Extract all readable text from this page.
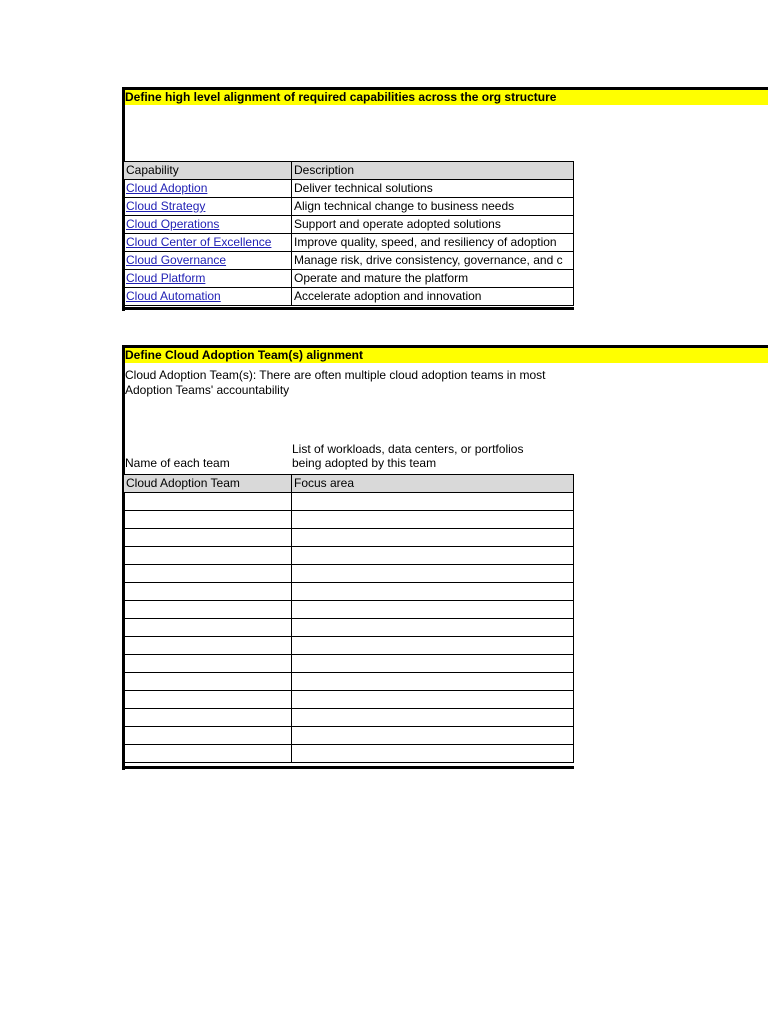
Define high level alignment of required capabilities across the org structure
Capability	Description
Cloud Adoption	Deliver technical solutions
Cloud Strategy	Align technical change to business needs
Cloud Operations	Support and operate adopted solutions
Cloud Center of Excellence	Improve quality, speed, and resiliency of adoption
Cloud Governance	Manage risk, drive consistency, governance, and c
Cloud Platform	Operate and mature the platform
Cloud Automation	Accelerate adoption and innovation
Define Cloud Adoption Team(s) alignment
Cloud Adoption Team(s): There are often multiple cloud adoption teams in most
Adoption Teams' accountability
Name of each team
List of workloads, data centers, or portfolios
being adopted by this team
Cloud Adoption Team	Focus area
